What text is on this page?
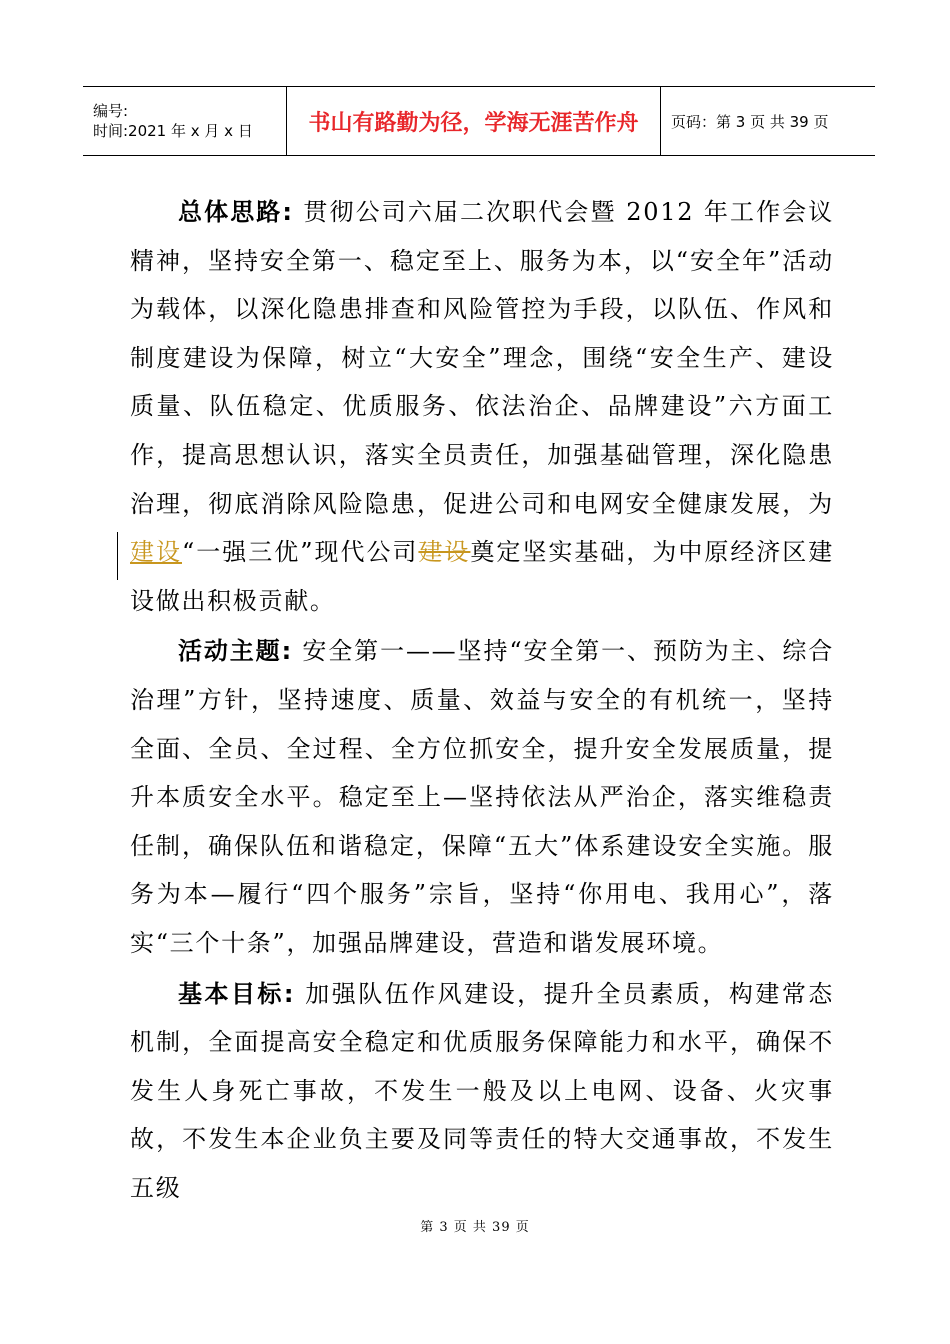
编号:
时间:2021 年 x 月 x 日	书山有路勤为径，学海无涯苦作舟 页码：第 3 页 共 39 页

总体思路: 贯彻公司六届二次职代会暨 2012 年工作会议精神，坚持安全第一、稳定至上、服务为本，以“安全年”活动为载体，以深化隐患排查和风险管控为手段，以队伍、作风和制度建设为保障，树立“大安全”理念，围绕“安全生产、建设质量、队伍稳定、优质服务、依法治企、品牌建设”六方面工作，提高思想认识，落实全员责任，加强基础管理，深化隐患治理，彻底消除风险隐患，促进公司和电网安全健康发展，为建设“一强三优”现代公司建设奠定坚实基础，为中原经济区建设做出积极贡献。

活动主题: 安全第一——坚持“安全第一、预防为主、综合治理”方针，坚持速度、质量、效益与安全的有机统一，坚持全面、全员、全过程、全方位抓安全，提升安全发展质量，提升本质安全水平。稳定至上—坚持依法从严治企，落实维稳责任制，确保队伍和谐稳定，保障“五大”体系建设安全实施。服务为本—履行“四个服务”宗旨，坚持“你用电、我用心”，落实“三个十条”，加强品牌建设，营造和谐发展环境。

基本目标: 加强队伍作风建设，提升全员素质，构建常态机制，全面提高安全稳定和优质服务保障能力和水平，确保不发生人身死亡事故，不发生一般及以上电网、设备、火灾事故，不发生本企业负主要及同等责任的特大交通事故，不发生五级

第 3 页 共 39 页
